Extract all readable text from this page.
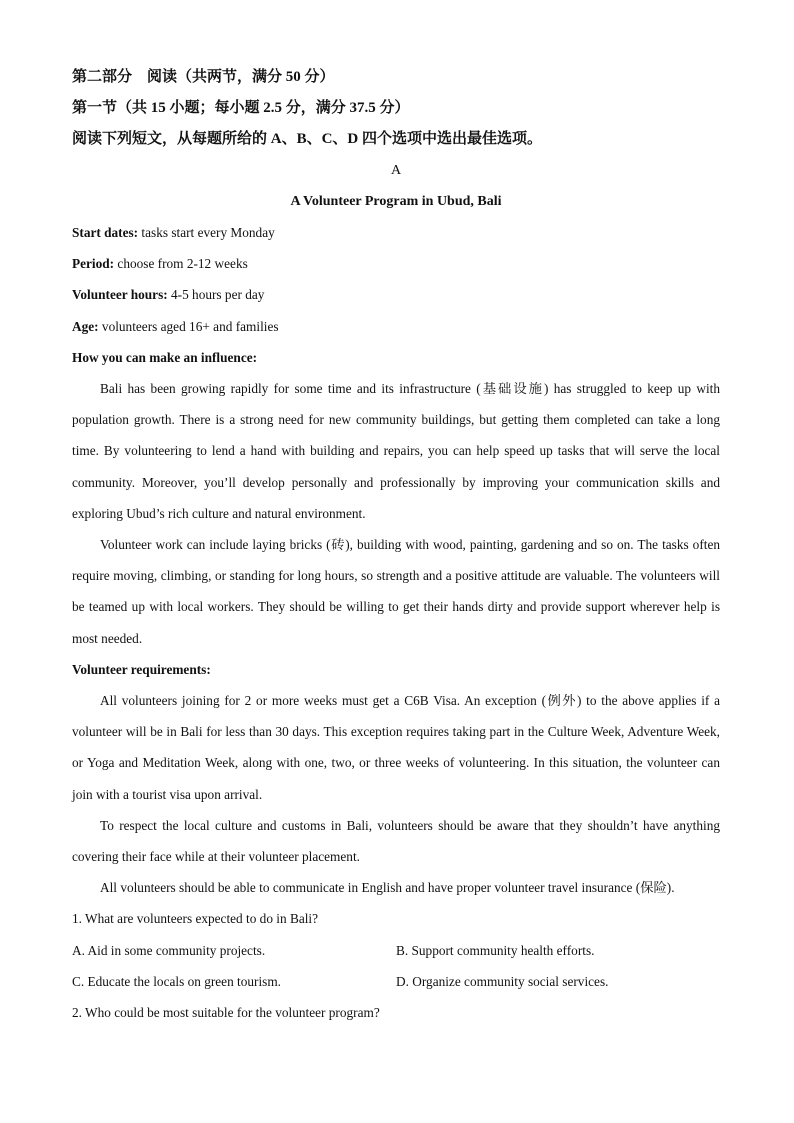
第二部分　阅读（共两节，满分 50 分）

第一节（共 15 小题；每小题 2.5 分，满分 37.5 分）

阅读下列短文，从每题所给的 A、B、C、D 四个选项中选出最佳选项。

A

A Volunteer Program in Ubud, Bali

Start dates: tasks start every Monday

Period: choose from 2-12 weeks

Volunteer hours: 4-5 hours per day

Age: volunteers aged 16+ and families

How you can make an influence:

Bali has been growing rapidly for some time and its infrastructure (基础设施) has struggled to keep up with population growth. There is a strong need for new community buildings, but getting them completed can take a long time. By volunteering to lend a hand with building and repairs, you can help speed up tasks that will serve the local community. Moreover, you’ll develop personally and professionally by improving your communication skills and exploring Ubud’s rich culture and natural environment.

Volunteer work can include laying bricks (砖), building with wood, painting, gardening and so on. The tasks often require moving, climbing, or standing for long hours, so strength and a positive attitude are valuable. The volunteers will be teamed up with local workers. They should be willing to get their hands dirty and provide support wherever help is most needed.

Volunteer requirements:

All volunteers joining for 2 or more weeks must get a C6B Visa. An exception (例外) to the above applies if a volunteer will be in Bali for less than 30 days. This exception requires taking part in the Culture Week, Adventure Week, or Yoga and Meditation Week, along with one, two, or three weeks of volunteering. In this situation, the volunteer can join with a tourist visa upon arrival.

To respect the local culture and customs in Bali, volunteers should be aware that they shouldn’t have anything covering their face while at their volunteer placement.

All volunteers should be able to communicate in English and have proper volunteer travel insurance (保险).

1. What are volunteers expected to do in Bali?

A. Aid in some community projects.	B. Support community health efforts.
C. Educate the locals on green tourism.	D. Organize community social services.

2. Who could be most suitable for the volunteer program?
